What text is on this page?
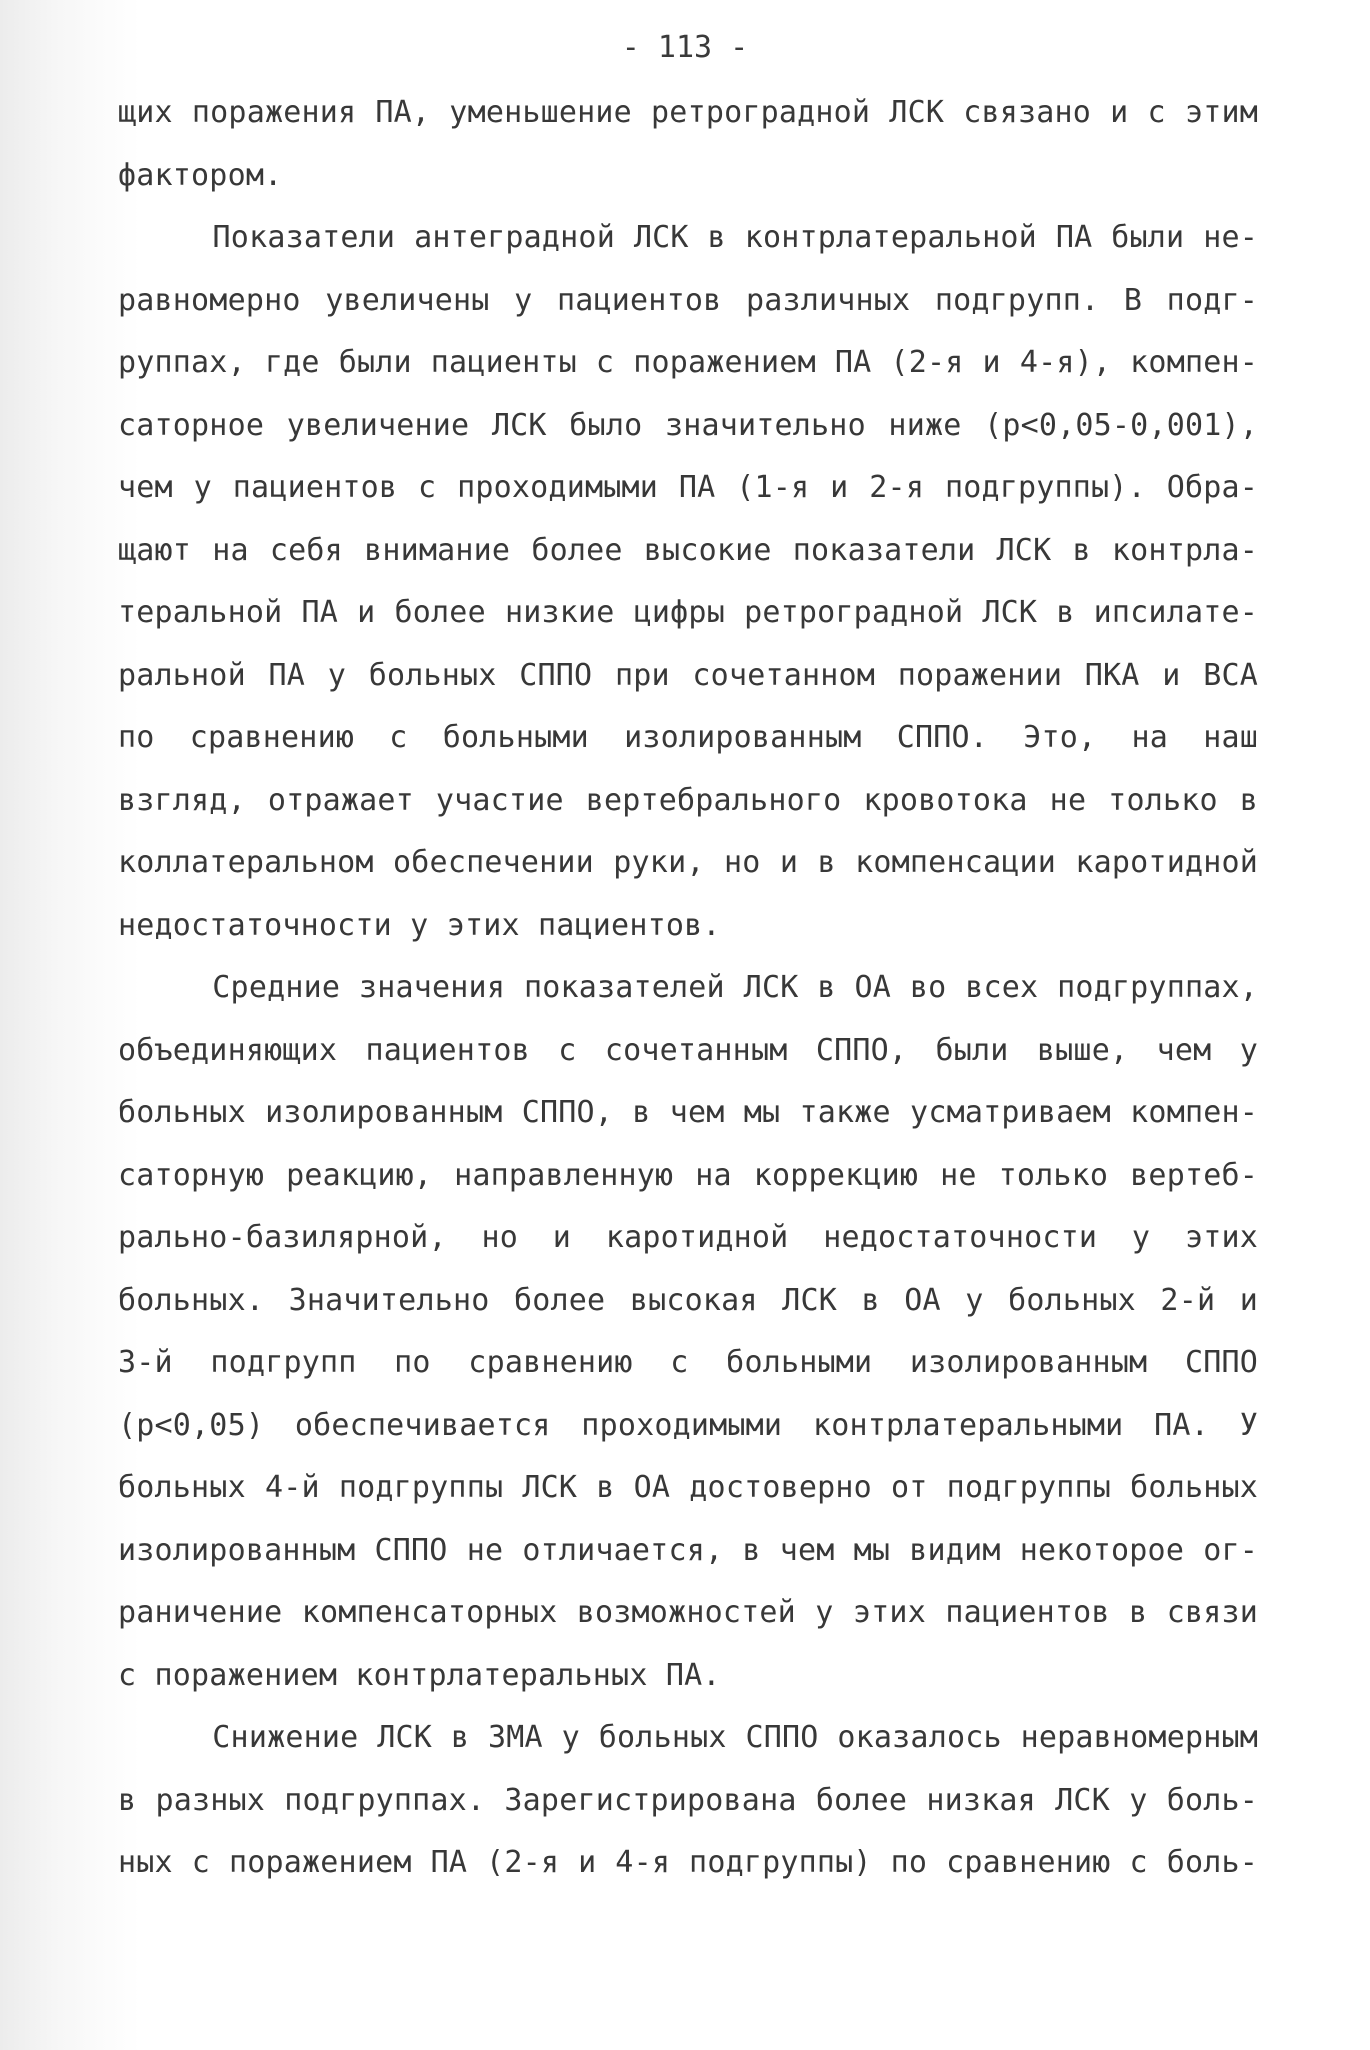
- 113 -
щих поражения ПА, уменьшение ретроградной ЛСК связано и с этим
фактором.
Показатели антеградной ЛСК в контрлатеральной ПА были не-
равномерно увеличены у пациентов различных подгрупп. В подг-
руппах, где были пациенты с поражением ПА (2-я и 4-я), компен-
саторное увеличение ЛСК было значительно ниже (р<0,05-0,001),
чем у пациентов с проходимыми ПА (1-я и 2-я подгруппы). Обра-
щают на себя внимание более высокие показатели ЛСК в контрла-
теральной ПА и более низкие цифры ретроградной ЛСК в ипсилате-
ральной ПА у больных СППО при сочетанном поражении ПКА и ВСА
по сравнению с больными изолированным СППО. Это, на наш
взгляд, отражает участие вертебрального кровотока не только в
коллатеральном обеспечении руки, но и в компенсации каротидной
недостаточности у этих пациентов.
Средние значения показателей ЛСК в ОА во всех подгруппах,
объединяющих пациентов с сочетанным СППО, были выше, чем у
больных изолированным СППО, в чем мы также усматриваем компен-
саторную реакцию, направленную на коррекцию не только вертеб-
рально-базилярной, но и каротидной недостаточности у этих
больных. Значительно более высокая ЛСК в ОА у больных 2-й и
3-й подгрупп по сравнению с больными изолированным СППО
(р<0,05) обеспечивается проходимыми контрлатеральными ПА. У
больных 4-й подгруппы ЛСК в ОА достоверно от подгруппы больных
изолированным СППО не отличается, в чем мы видим некоторое ог-
раничение компенсаторных возможностей у этих пациентов в связи
с поражением контрлатеральных ПА.
Снижение ЛСК в ЗМА у больных СППО оказалось неравномерным
в разных подгруппах. Зарегистрирована более низкая ЛСК у боль-
ных с поражением ПА (2-я и 4-я подгруппы) по сравнению с боль-
